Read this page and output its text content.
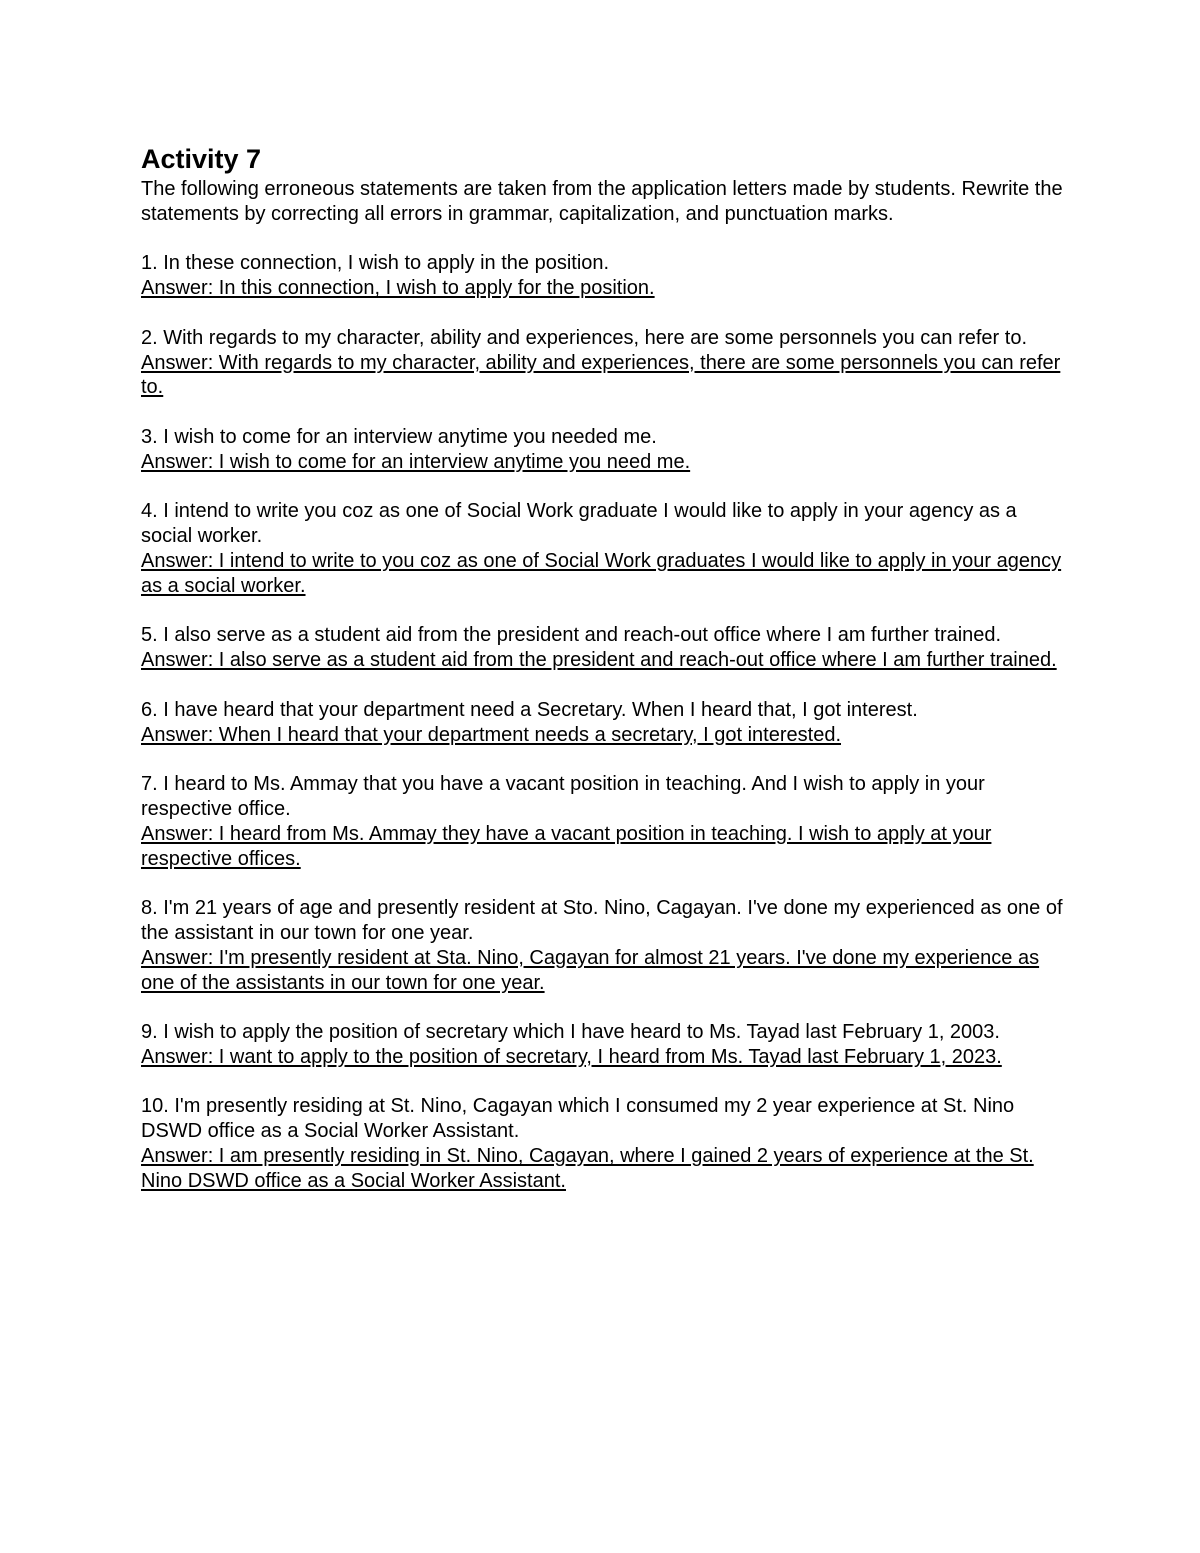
Activity 7

The following erroneous statements are taken from the application letters made by students. Rewrite the statements by correcting all errors in grammar, capitalization, and punctuation marks.

1. In these connection, I wish to apply in the position.

Answer: In this connection, I wish to apply for the position.

2. With regards to my character, ability and experiences, here are some personnels you can refer to.

Answer: With regards to my character, ability and experiences, there are some personnels you can refer to.

3. I wish to come for an interview anytime you needed me.

Answer: I wish to come for an interview anytime you need me.

4. I intend to write you coz as one of Social Work graduate I would like to apply in your agency as a social worker.

Answer: I intend to write to you coz as one of Social Work graduates I would like to apply in your agency as a social worker.

5. I also serve as a student aid from the president and reach-out office where I am further trained.

Answer: I also serve as a student aid from the president and reach-out office where I am further trained.

6. I have heard that your department need a Secretary. When I heard that, I got interest.

Answer: When I heard that your department needs a secretary, I got interested.

7. I heard to Ms. Ammay that you have a vacant position in teaching. And I wish to apply in your respective office.

Answer: I heard from Ms. Ammay they have a vacant position in teaching. I wish to apply at your respective offices.

8. I'm 21 years of age and presently resident at Sto. Nino, Cagayan. I've done my experienced as one of the assistant in our town for one year.

Answer: I'm presently resident at Sta. Nino, Cagayan for almost 21 years. I've done my experience as one of the assistants in our town for one year.

9. I wish to apply the position of secretary which I have heard to Ms. Tayad last February 1, 2003.

Answer: I want to apply to the position of secretary, I heard from Ms. Tayad last February 1, 2023.

10. I'm presently residing at St. Nino, Cagayan which I consumed my 2 year experience at St. Nino DSWD office as a Social Worker Assistant.

Answer: I am presently residing in St. Nino, Cagayan, where I gained 2 years of experience at the St. Nino DSWD office as a Social Worker Assistant.
